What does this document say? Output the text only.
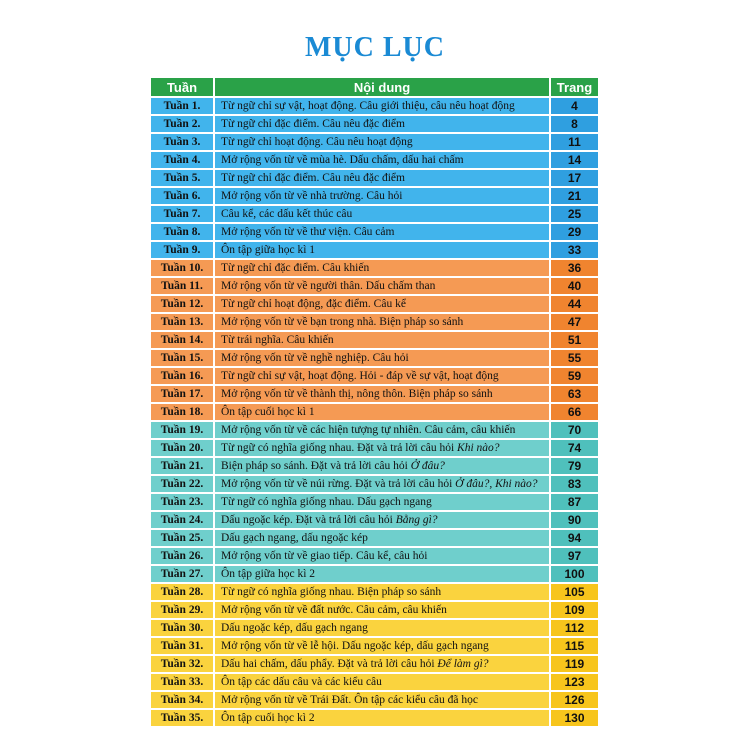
MỤC LỤC
Tuần	Nội dung	Trang
Tuần 1.	Từ ngữ chỉ sự vật, hoạt động. Câu giới thiệu, câu nêu hoạt động	4
Tuần 2.	Từ ngữ chỉ đặc điểm. Câu nêu đặc điểm	8
Tuần 3.	Từ ngữ chỉ hoạt động. Câu nêu hoạt động	11
Tuần 4.	Mở rộng vốn từ về mùa hè. Dấu chấm, dấu hai chấm	14
Tuần 5.	Từ ngữ chỉ đặc điểm. Câu nêu đặc điểm	17
Tuần 6.	Mở rộng vốn từ về nhà trường. Câu hỏi	21
Tuần 7.	Câu kể, các dấu kết thúc câu	25
Tuần 8.	Mở rộng vốn từ về thư viện. Câu cảm	29
Tuần 9.	Ôn tập giữa học kì 1	33
Tuần 10.	Từ ngữ chỉ đặc điểm. Câu khiến	36
Tuần 11.	Mở rộng vốn từ về người thân. Dấu chấm than	40
Tuần 12.	Từ ngữ chỉ hoạt động, đặc điểm. Câu kể	44
Tuần 13.	Mở rộng vốn từ về bạn trong nhà. Biện pháp so sánh	47
Tuần 14.	Từ trái nghĩa. Câu khiến	51
Tuần 15.	Mở rộng vốn từ về nghề nghiệp. Câu hỏi	55
Tuần 16.	Từ ngữ chỉ sự vật, hoạt động. Hỏi - đáp về sự vật, hoạt động	59
Tuần 17.	Mở rộng vốn từ về thành thị, nông thôn. Biện pháp so sánh	63
Tuần 18.	Ôn tập cuối học kì 1	66
Tuần 19.	Mở rộng vốn từ về các hiện tượng tự nhiên. Câu cảm, câu khiến	70
Tuần 20.	Từ ngữ có nghĩa giống nhau. Đặt và trả lời câu hỏi Khi nào?	74
Tuần 21.	Biện pháp so sánh. Đặt và trả lời câu hỏi Ở đâu?	79
Tuần 22.	Mở rộng vốn từ về núi rừng. Đặt và trả lời câu hỏi Ở đâu?, Khi nào?	83
Tuần 23.	Từ ngữ có nghĩa giống nhau. Dấu gạch ngang	87
Tuần 24.	Dấu ngoặc kép. Đặt và trả lời câu hỏi Bằng gì?	90
Tuần 25.	Dấu gạch ngang, dấu ngoặc kép	94
Tuần 26.	Mở rộng vốn từ về giao tiếp. Câu kể, câu hỏi	97
Tuần 27.	Ôn tập giữa học kì 2	100
Tuần 28.	Từ ngữ có nghĩa giống nhau. Biện pháp so sánh	105
Tuần 29.	Mở rộng vốn từ về đất nước. Câu cảm, câu khiến	109
Tuần 30.	Dấu ngoặc kép, dấu gạch ngang	112
Tuần 31.	Mở rộng vốn từ về lễ hội. Dấu ngoặc kép, dấu gạch ngang	115
Tuần 32.	Dấu hai chấm, dấu phẩy. Đặt và trả lời câu hỏi Để làm gì?	119
Tuần 33.	Ôn tập các dấu câu và các kiểu câu	123
Tuần 34.	Mở rộng vốn từ về Trái Đất. Ôn tập các kiểu câu đã học	126
Tuần 35.	Ôn tập cuối học kì 2	130
